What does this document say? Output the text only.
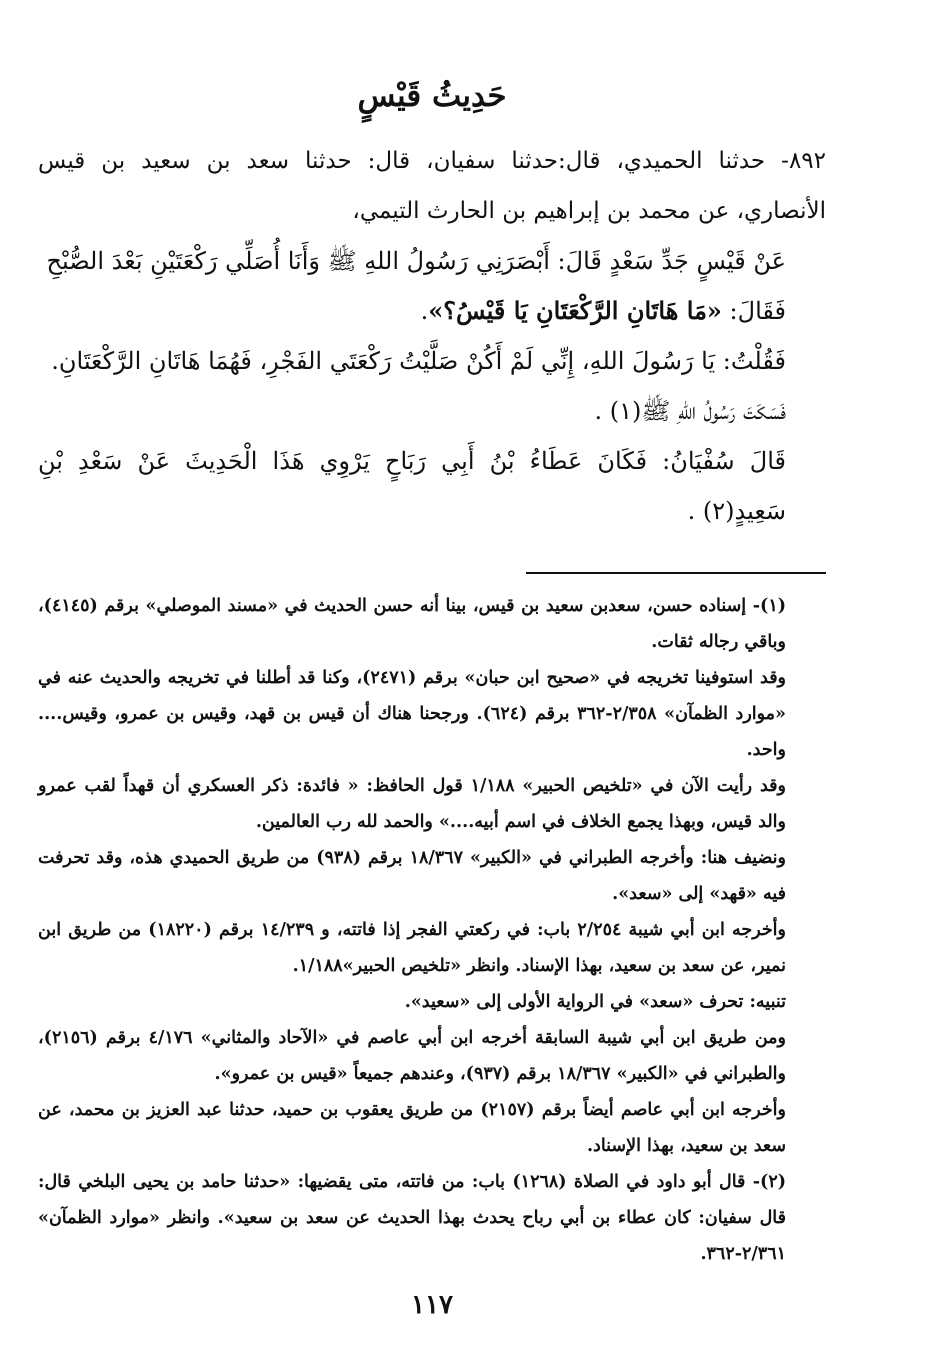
حَدِيثُ قَيْسٍ

٨٩٢- حدثنا الحميدي، قال:حدثنا سفيان، قال: حدثنا سعد بن سعيد بن قيس

الأنصاري، عن محمد بن إبراهيم بن الحارث التيمي،

عَنْ قَيْسٍ جَدِّ سَعْدٍ قَالَ: أَبْصَرَنِي رَسُولُ اللهِ ﷺ وَأَنَا أُصَلِّي رَكْعَتَيْنِ بَعْدَ الصُّبْحِ

فَقَالَ: «مَا هَاتَانِ الرَّكْعَتَانِ يَا قَيْسُ؟».

فَقُلْتُ: يَا رَسُولَ اللهِ، إِنِّي لَمْ أَكُنْ صَلَّيْتُ رَكْعَتَي الفَجْرِ، فَهُمَا هَاتَانِ الرَّكْعَتَانِ.

فَسَكَتَ رَسُولُ اللهِ ﷺ(١) .

قَالَ سُفْيَانُ: فَكَانَ عَطَاءُ بْنُ أَبِي رَبَاحٍ يَرْوِي هَذَا الْحَدِيثَ عَنْ سَعْدِ بْنِ سَعِيدٍ(٢) .

(١)- إسناده حسن، سعدبن سعيد بن قيس، بينا أنه حسن الحديث في «مسند الموصلي» برقم (٤١٤٥)، وباقي رجاله ثقات.

وقد استوفينا تخريجه في «صحيح ابن حبان» برقم (٢٤٧١)، وكنا قد أطلنا في تخريجه والحديث عنه في «موارد الظمآن» ٢/٣٥٨-٣٦٢ برقم (٦٢٤). ورجحنا هناك أن قيس بن قهد، وقيس بن عمرو، وقيس.... واحد.

وقد رأيت الآن في «تلخيص الحبير» ١/١٨٨ قول الحافظ: « فائدة: ذكر العسكري أن قهداً لقب عمرو والد قيس، وبهذا يجمع الخلاف في اسم أبيه....» والحمد لله رب العالمين.

ونضيف هنا: وأخرجه الطبراني في «الكبير» ١٨/٣٦٧ برقم (٩٣٨) من طريق الحميدي هذه، وقد تحرفت فيه «قهد» إلى «سعد».

وأخرجه ابن أبي شيبة ٢/٢٥٤ باب: في ركعتي الفجر إذا فاتته، و ١٤/٢٣٩ برقم (١٨٢٢٠) من طريق ابن نمير، عن سعد بن سعيد، بهذا الإسناد. وانظر «تلخيص الحبير»١/١٨٨.

تنبيه: تحرف «سعد» في الرواية الأولى إلى «سعيد».

ومن طريق ابن أبي شيبة السابقة أخرجه ابن أبي عاصم في «الآحاد والمثاني» ٤/١٧٦ برقم (٢١٥٦)، والطبراني في «الكبير» ١٨/٣٦٧ برقم (٩٣٧)، وعندهم جميعاً «قيس بن عمرو».

وأخرجه ابن أبي عاصم أيضاً برقم (٢١٥٧) من طريق يعقوب بن حميد، حدثنا عبد العزيز بن محمد، عن سعد بن سعيد، بهذا الإسناد.

(٢)- قال أبو داود في الصلاة (١٢٦٨) باب: من فاتته، متى يقضيها: «حدثنا حامد بن يحيى البلخي قال: قال سفيان: كان عطاء بن أبي رباح يحدث بهذا الحديث عن سعد بن سعيد». وانظر «موارد الظمآن» ٢/٣٦١-٣٦٢.

١١٧
